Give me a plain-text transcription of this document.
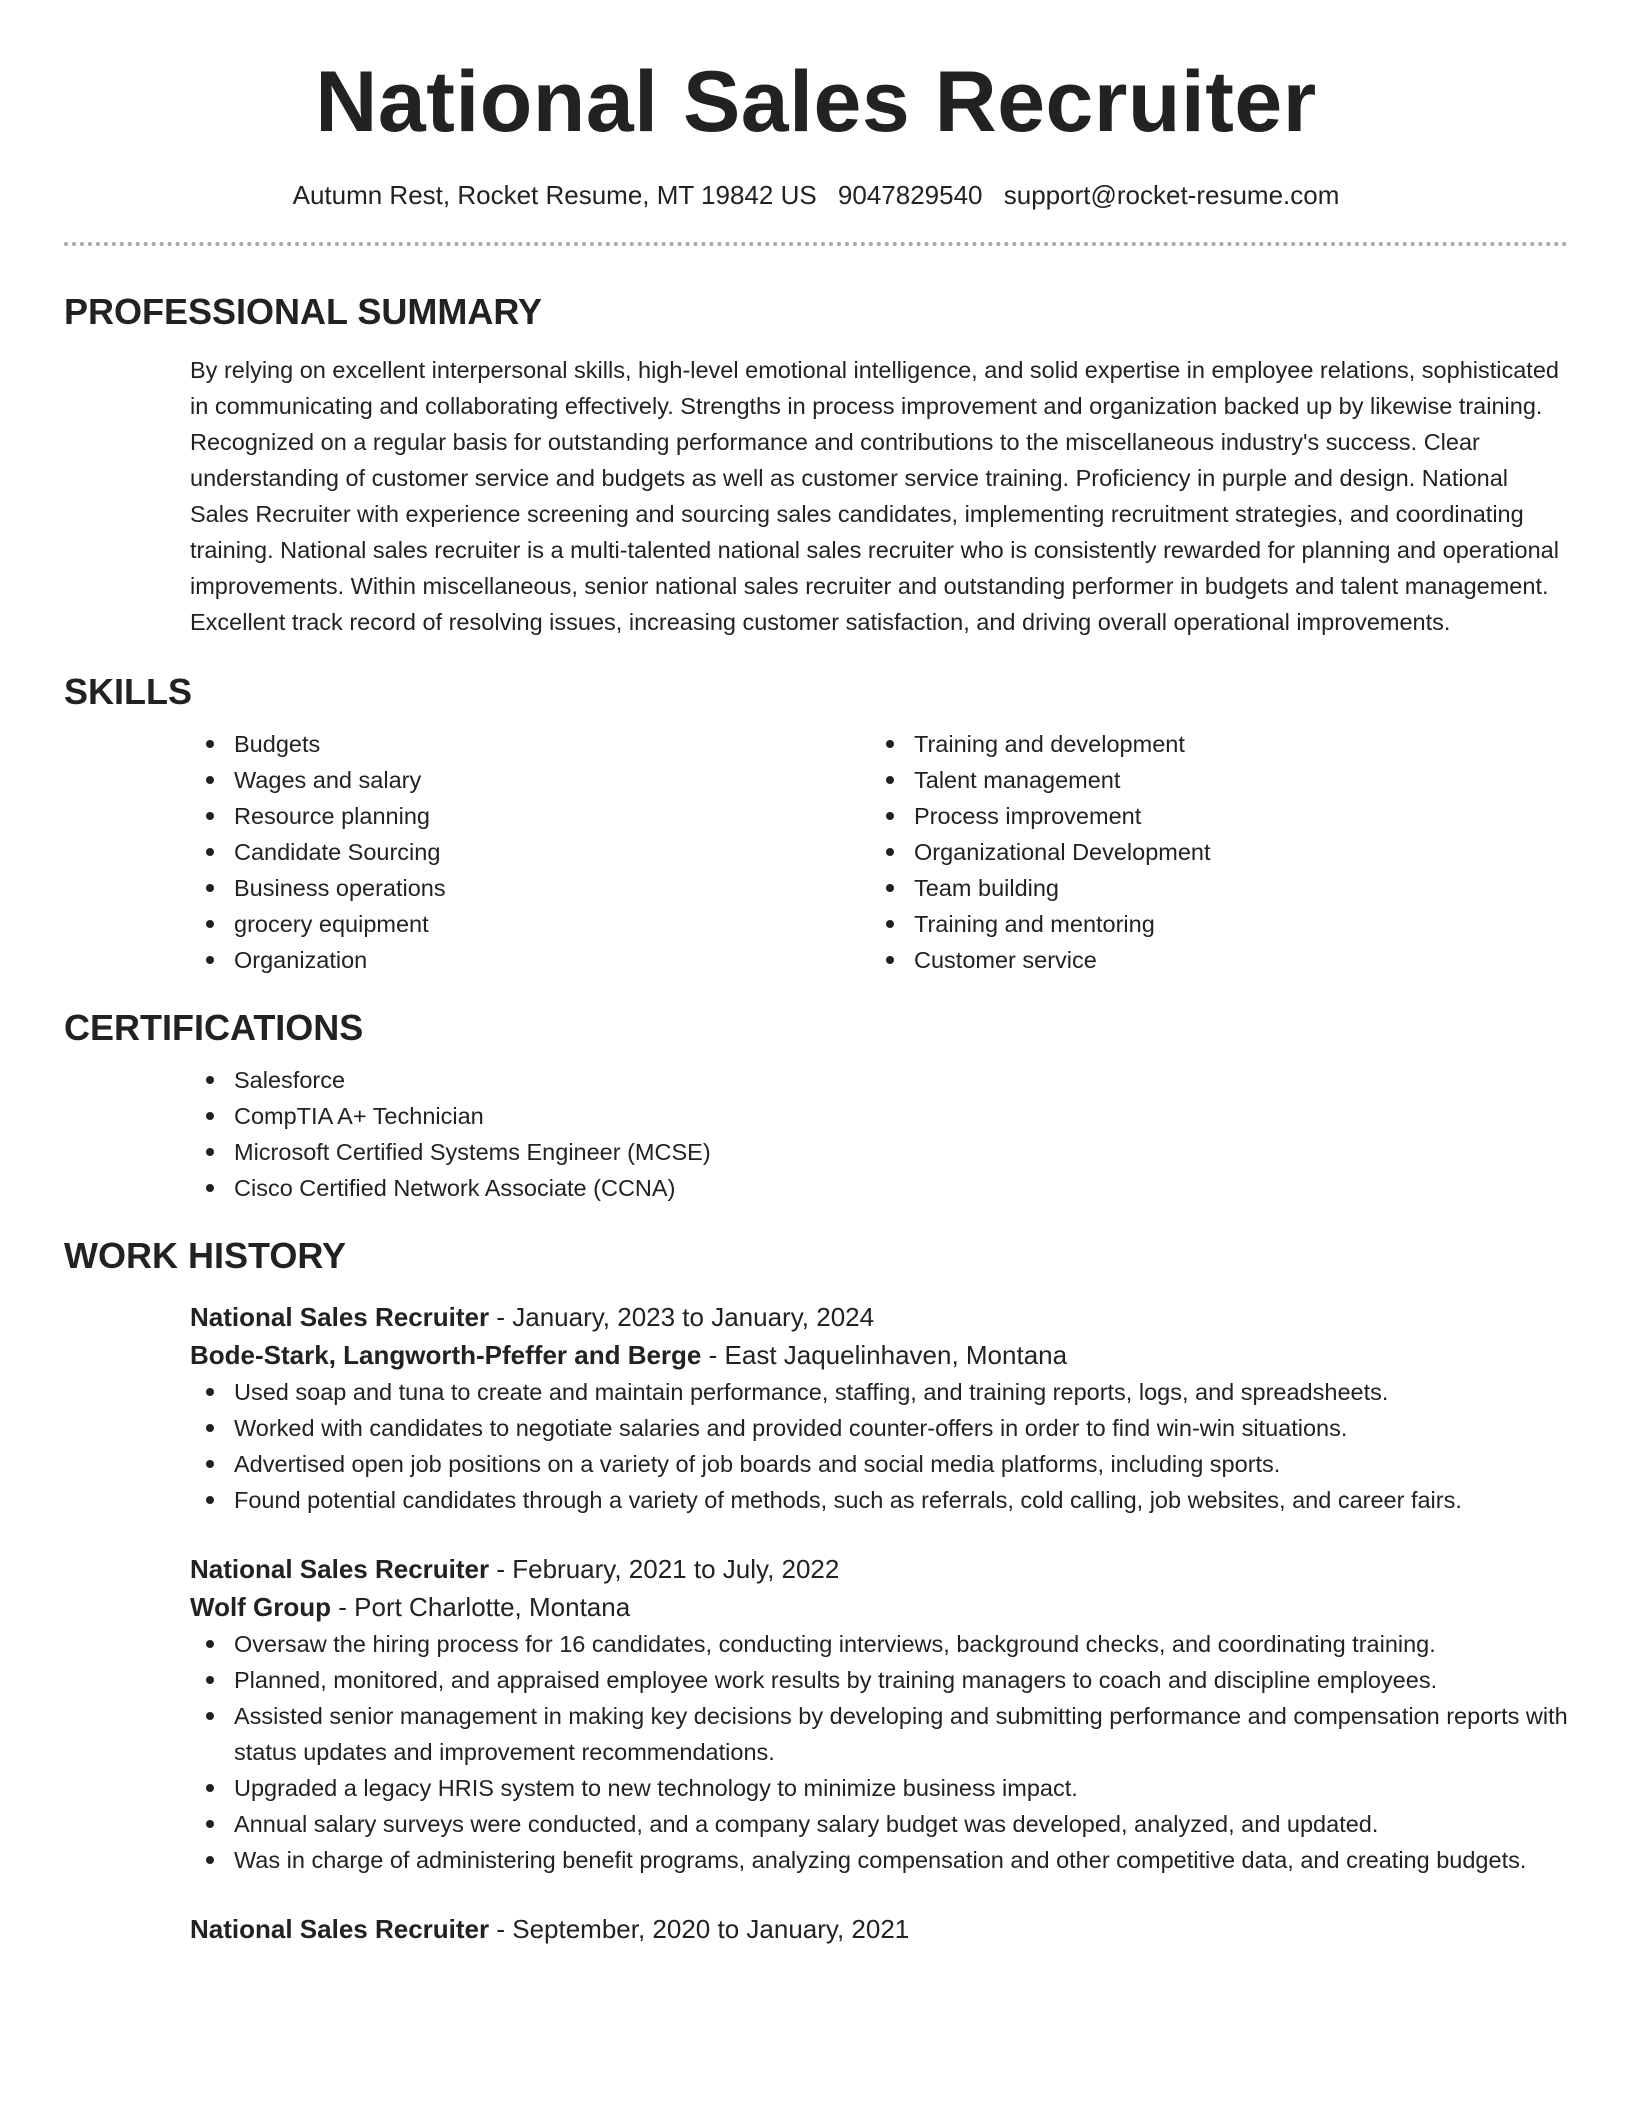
National Sales Recruiter
Autumn Rest, Rocket Resume, MT 19842 US 9047829540 support@rocket-resume.com
PROFESSIONAL SUMMARY
By relying on excellent interpersonal skills, high-level emotional intelligence, and solid expertise in employee relations, sophisticated in communicating and collaborating effectively. Strengths in process improvement and organization backed up by likewise training. Recognized on a regular basis for outstanding performance and contributions to the miscellaneous industry's success. Clear understanding of customer service and budgets as well as customer service training. Proficiency in purple and design. National Sales Recruiter with experience screening and sourcing sales candidates, implementing recruitment strategies, and coordinating training. National sales recruiter is a multi-talented national sales recruiter who is consistently rewarded for planning and operational improvements. Within miscellaneous, senior national sales recruiter and outstanding performer in budgets and talent management. Excellent track record of resolving issues, increasing customer satisfaction, and driving overall operational improvements.
SKILLS
Budgets
Wages and salary
Resource planning
Candidate Sourcing
Business operations
grocery equipment
Organization
Training and development
Talent management
Process improvement
Organizational Development
Team building
Training and mentoring
Customer service
CERTIFICATIONS
Salesforce
CompTIA A+ Technician
Microsoft Certified Systems Engineer (MCSE)
Cisco Certified Network Associate (CCNA)
WORK HISTORY
National Sales Recruiter - January, 2023 to January, 2024
Bode-Stark, Langworth-Pfeffer and Berge - East Jaquelinhaven, Montana
Used soap and tuna to create and maintain performance, staffing, and training reports, logs, and spreadsheets.
Worked with candidates to negotiate salaries and provided counter-offers in order to find win-win situations.
Advertised open job positions on a variety of job boards and social media platforms, including sports.
Found potential candidates through a variety of methods, such as referrals, cold calling, job websites, and career fairs.
National Sales Recruiter - February, 2021 to July, 2022
Wolf Group - Port Charlotte, Montana
Oversaw the hiring process for 16 candidates, conducting interviews, background checks, and coordinating training.
Planned, monitored, and appraised employee work results by training managers to coach and discipline employees.
Assisted senior management in making key decisions by developing and submitting performance and compensation reports with status updates and improvement recommendations.
Upgraded a legacy HRIS system to new technology to minimize business impact.
Annual salary surveys were conducted, and a company salary budget was developed, analyzed, and updated.
Was in charge of administering benefit programs, analyzing compensation and other competitive data, and creating budgets.
National Sales Recruiter - September, 2020 to January, 2021
